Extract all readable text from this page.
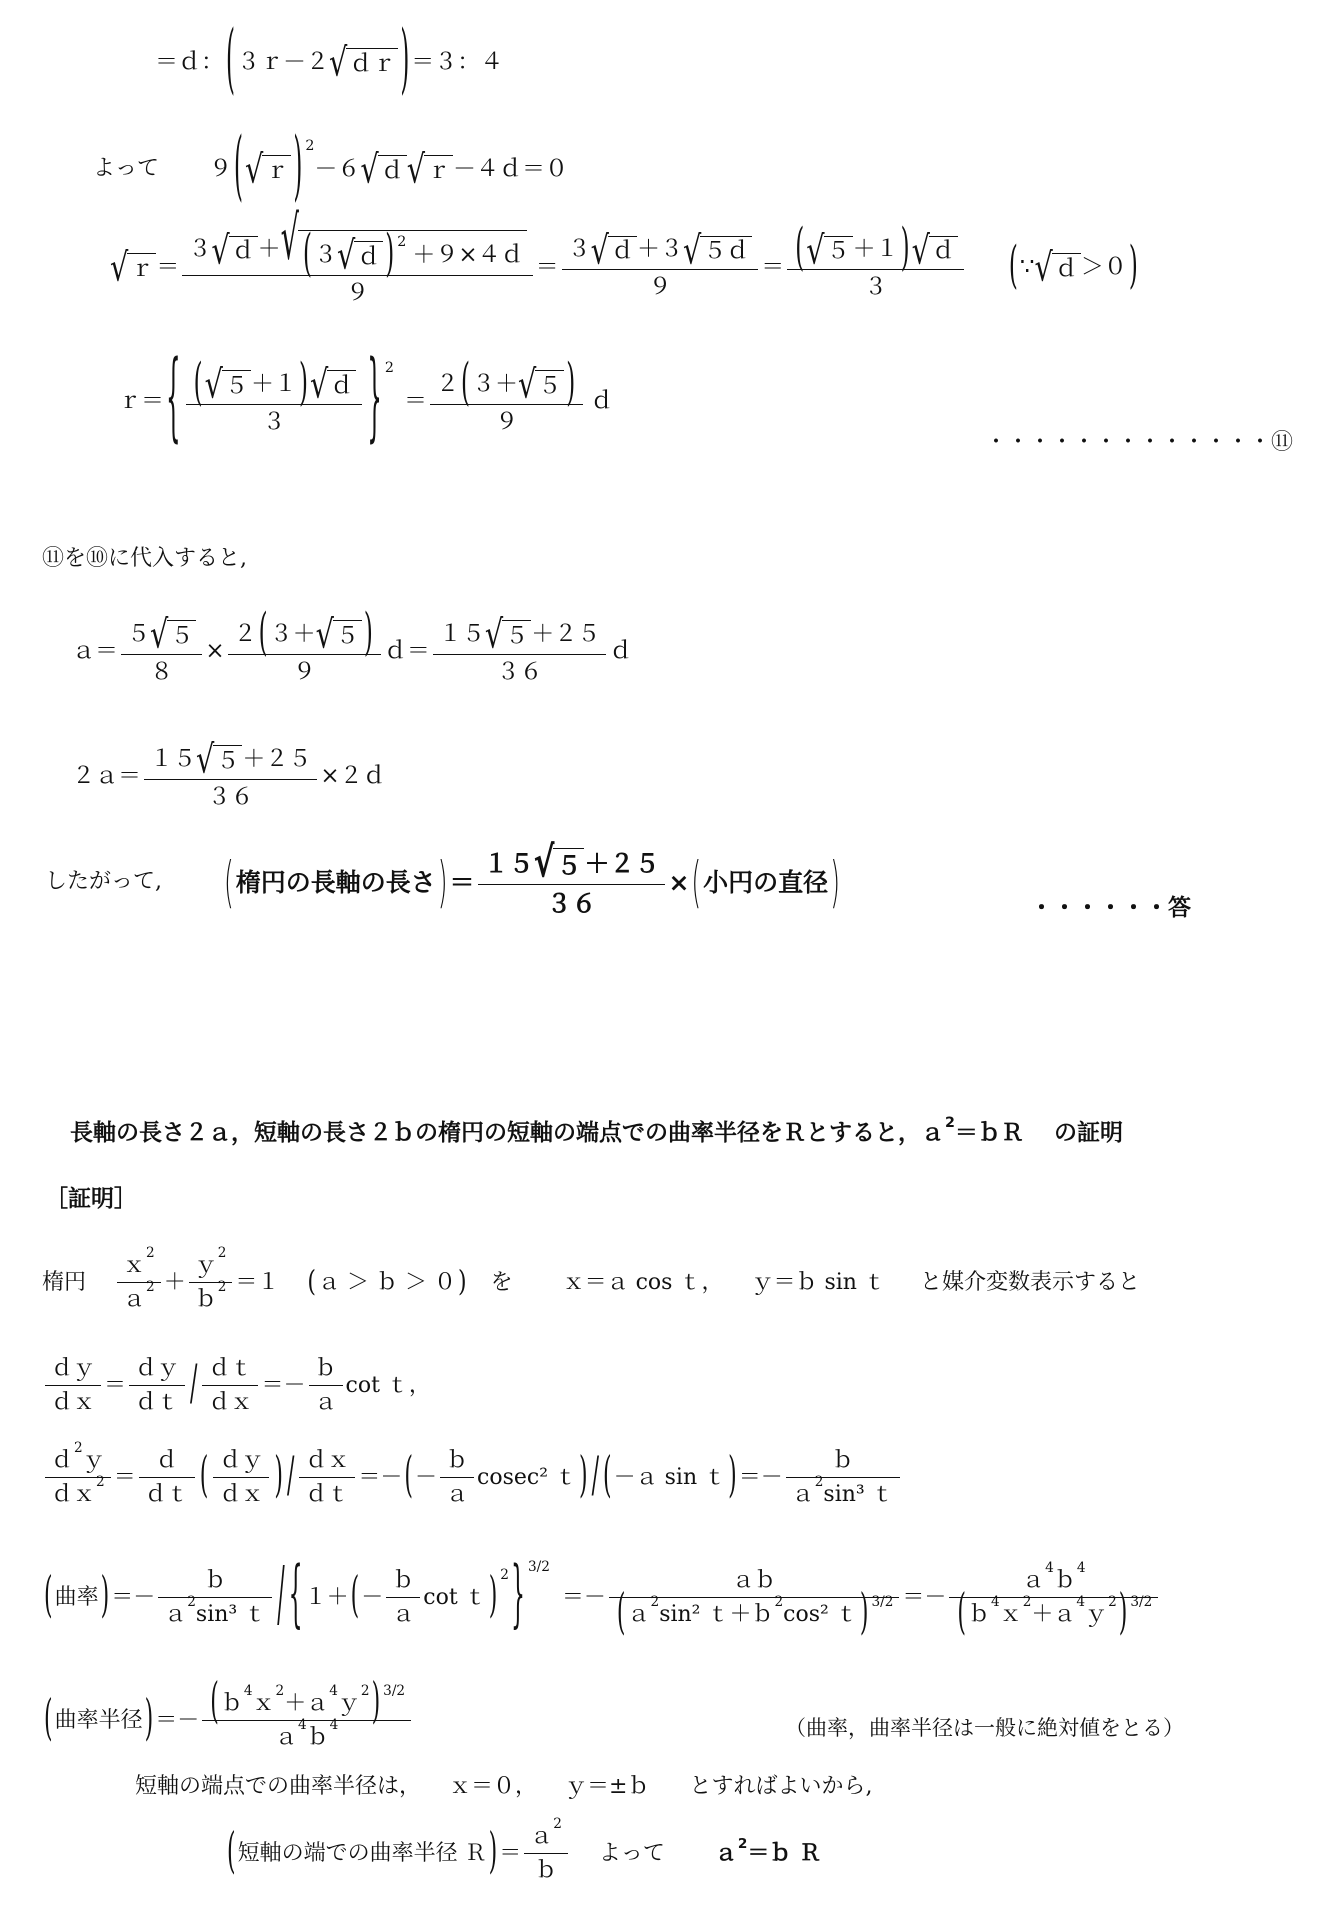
＝ｄ： ( ３ｒ－２ √ ｄｒ ) ＝３：４
よって ９ ( √ ｒ ) 2
－６ √ ｄ √ ｒ －４ｄ＝０
√ ｒ ＝
３ √ ｄ ＋ √ ( ３ √ ｄ ) 2 ＋９×４ｄ
９
＝ $\frac{\text{３ √ ｄ ＋３ √ ５ｄ}}{9} = \frac{\text{( √ ５ ＋１ ) √ ｄ}}{3}$ ( ∵ √ ｄ ＞０ )
ｒ＝ { $\frac{\text{( √ ５ ＋１ ) √ ｄ}}{3}$ } 2
＝ $\frac{2 ( 3+ √ 5 )}{9}$ ｄ
・・・・・・・・・・・・・⑪
⑪を⑩に代入すると,
ａ＝ $\frac{5 √ 5}{8} \times \frac{2 ( 3+ √ 5 )}{9}$ ｄ＝ $\frac{15 √ 5 +25}{36}$ ｄ
２ａ＝ $\frac{15 √ 5 +25}{36}$ ×２ｄ
したがって, ( 楕円の長軸の長さ ) ＝ $\frac{15 √ 5 +25}{36}$ × ( 小円の直径 )	・・・・・・答
長軸の長さ２ａ，短軸の長さ２ｂの楕円の短軸の端点での曲率半径をＲとすると，ａ$^2$＝ｂＲ の証明
［証明］
楕円 ｘ
2
ａ
2 ＋ ｙ
2
ｂ
2 ＝１ ( ａ ＞ ｂ ＞ ０ ) を ｘ＝ａ cos ｔ， ｙ＝ｂ sin ｔ と媒介変数表示すると
$\frac{\text{ｄｙ}}{\text{ｄｘ}} = \frac{\text{ｄｙ}}{\text{ｄｔ}} / \frac{\text{ｄｔ}}{\text{ｄｘ}} =- \frac{\text{ｂ}}{\text{ａ}}$ cot ｔ，
ｄ
2
ｙ
ｄｘ
$2 = \frac{\text{ｄ}}{\text{ｄｔ}}$ ( $\frac{\text{ｄｙ}}{\text{ｄｘ}}$ ) / $\frac{\text{ｄｘ}}{\text{ｄｔ}}$ ＝－ ( － $\frac{\text{ｂ}}{\text{ａ}} cosec^2$ ｔ ) / ( －ａ sin ｔ ) ＝－ ｂ
ａ
2
sin³ ｔ
( 曲率 ) ＝－ ｂ
ａ
2
sin³ ｔ / { １＋ ( － $\frac{\text{ｂ}}{\text{ａ}}$ cot ｔ ) 2 } 3/2
＝－ ａｂ
( ａ
2
sin² ｔ＋ｂ
2
cos² ｔ ) 3/2 ＝－ ａ
4
ｂ
4
( ｂ
4
ｘ
2
＋ａ
4
ｙ
2 ) 3/2
( 曲率半径 ) ＝－ ( ｂ
4
ｘ
2
＋ａ
4
ｙ
2 ) 3/2
ａ
4
ｂ
4	（曲率，曲率半径は一般に絶対値をとる）
短軸の端点での曲率半径は， ｘ＝０， ｙ＝±ｂ とすればよいから,
( 短軸の端での曲率半径 Ｒ ) ＝ ａ
2
ｂ よって ａ$^2$＝ｂ Ｒ
